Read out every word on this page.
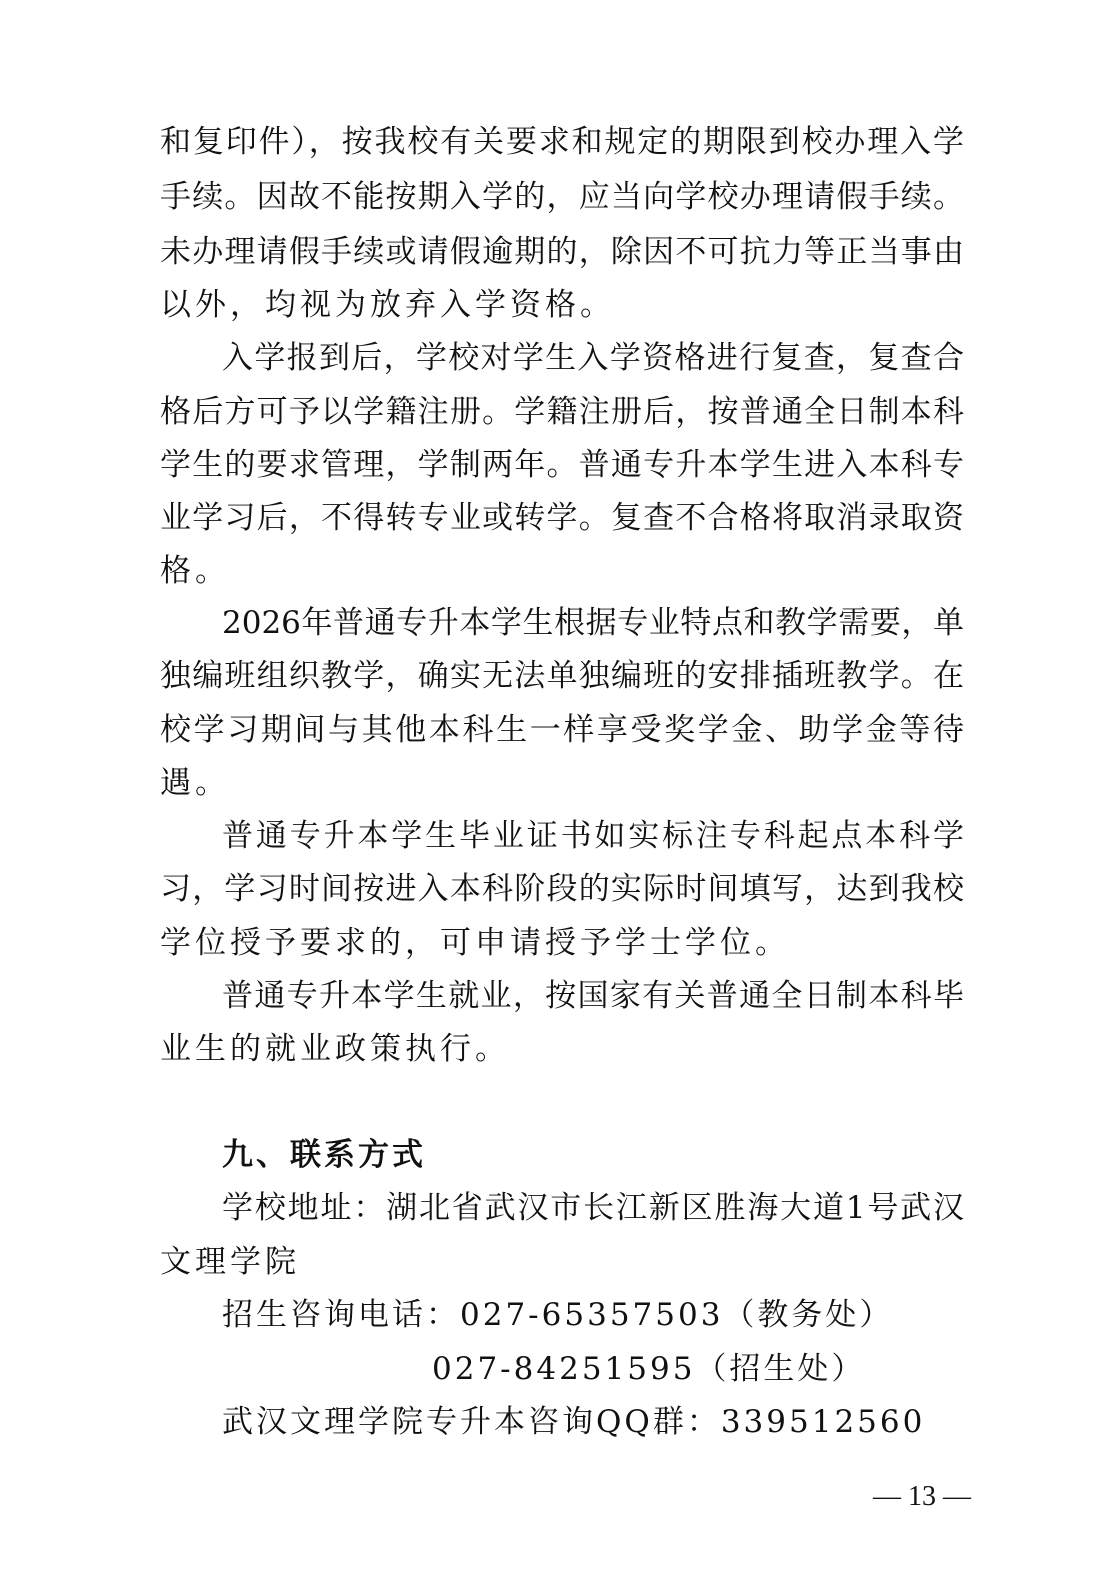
和复印件），按我校有关要求和规定的期限到校办理入学
手续。因故不能按期入学的，应当向学校办理请假手续。
未办理请假手续或请假逾期的，除因不可抗力等正当事由
以外，均视为放弃入学资格。
入学报到后，学校对学生入学资格进行复查，复查合
格后方可予以学籍注册。学籍注册后，按普通全日制本科
学生的要求管理，学制两年。普通专升本学生进入本科专
业学习后，不得转专业或转学。复查不合格将取消录取资
格。
2026年普通专升本学生根据专业特点和教学需要，单
独编班组织教学，确实无法单独编班的安排插班教学。在
校学习期间与其他本科生一样享受奖学金、助学金等待
遇。
普通专升本学生毕业证书如实标注专科起点本科学
习，学习时间按进入本科阶段的实际时间填写，达到我校
学位授予要求的，可申请授予学士学位。
普通专升本学生就业，按国家有关普通全日制本科毕
业生的就业政策执行。
九、联系方式
学校地址：湖北省武汉市长江新区胜海大道1号武汉
文理学院
招生咨询电话：027-65357503（教务处）
027-84251595（招生处）
武汉文理学院专升本咨询QQ群：339512560
— 13 —
